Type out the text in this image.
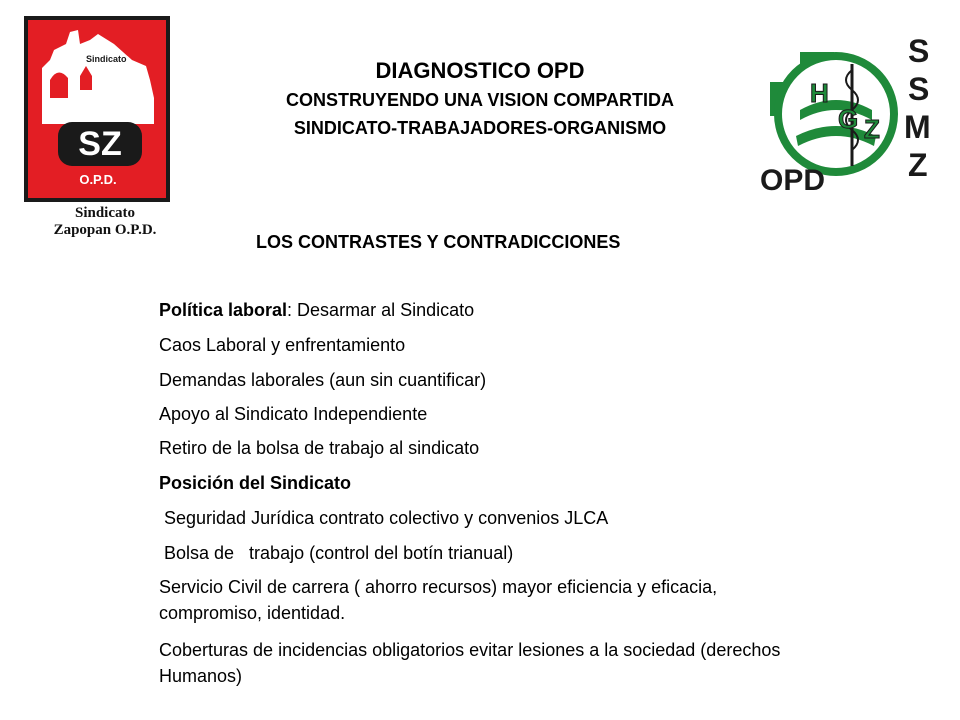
Sindicato
SZ
O.P.D.
Sindicato
Zapopan O.P.D.
DIAGNOSTICO OPD
CONSTRUYENDO UNA VISION COMPARTIDA
SINDICATO-TRABAJADORES-ORGANISMO
H
G Z
S
S
M
Z
OPD
LOS CONTRASTES Y CONTRADICCIONES
Política laboral: Desarmar al Sindicato
Caos Laboral y enfrentamiento
Demandas laborales (aun sin cuantificar)
Apoyo al Sindicato Independiente
Retiro de la bolsa de trabajo al sindicato
Posición del Sindicato
Seguridad Jurídica contrato colectivo y convenios JLCA
Bolsa de   trabajo (control del botín trianual)
Servicio Civil de carrera ( ahorro recursos) mayor eficiencia y eficacia, compromiso, identidad.
Coberturas de incidencias obligatorios evitar lesiones a la sociedad (derechos Humanos)
